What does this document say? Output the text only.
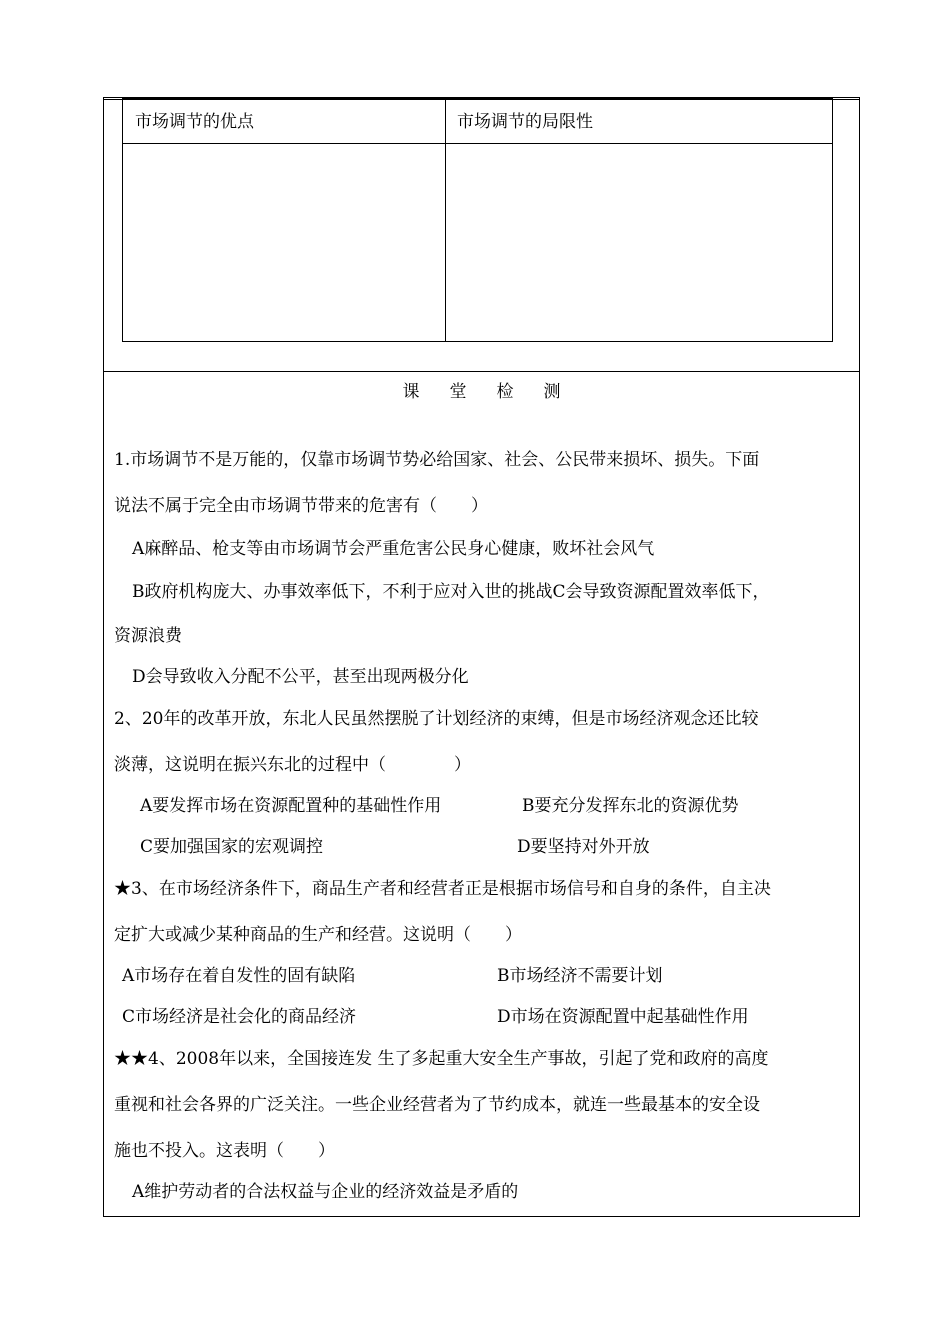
市场调节的优点	市场调节的局限性
课堂检测
1.市场调节不是万能的，仅靠市场调节势必给国家、社会、公民带来损坏、损失。下面
说法不属于完全由市场调节带来的危害有（　　）
A麻醉品、枪支等由市场调节会严重危害公民身心健康，败坏社会风气
B政府机构庞大、办事效率低下，不利于应对入世的挑战C会导致资源配置效率低下，
资源浪费
D会导致收入分配不公平，甚至出现两极分化
2、20年的改革开放，东北人民虽然摆脱了计划经济的束缚，但是市场经济观念还比较
淡薄，这说明在振兴东北的过程中（　　　　）
A要发挥市场在资源配置种的基础性作用	B要充分发挥东北的资源优势
C要加强国家的宏观调控	D要坚持对外开放
★3、在市场经济条件下，商品生产者和经营者正是根据市场信号和自身的条件，自主决
定扩大或减少某种商品的生产和经营。这说明（　　）
A市场存在着自发性的固有缺陷	B市场经济不需要计划
C市场经济是社会化的商品经济	D市场在资源配置中起基础性作用
★★4、2008年以来，全国接连发 生了多起重大安全生产事故，引起了党和政府的高度
重视和社会各界的广泛关注。一些企业经营者为了节约成本，就连一些最基本的安全设
施也不投入。这表明（　　）
A维护劳动者的合法权益与企业的经济效益是矛盾的
